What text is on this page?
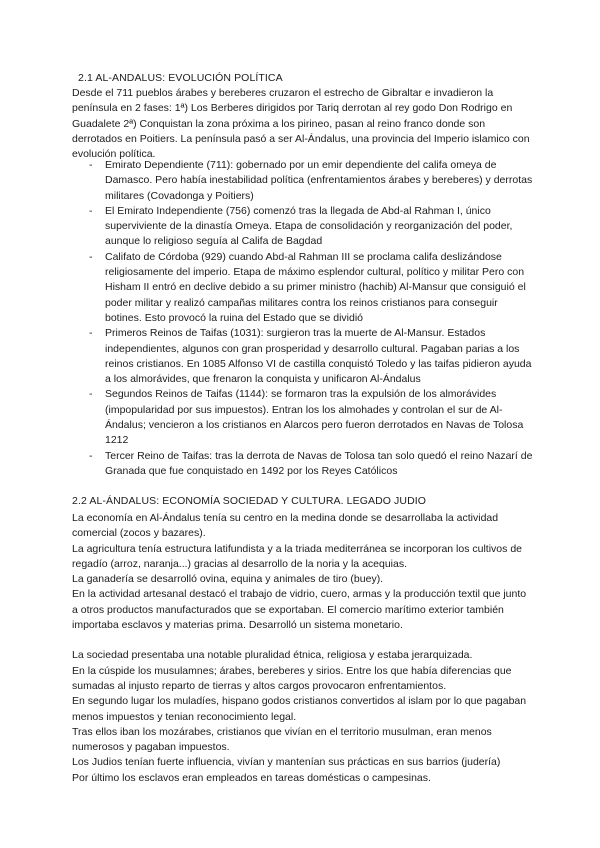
2.1 AL-ANDALUS: EVOLUCIÓN POLÍTICA

Desde el 711 pueblos árabes y bereberes cruzaron el estrecho de Gibraltar e invadieron la península en 2 fases: 1ª) Los Berberes dirigidos por Tariq derrotan al rey godo Don Rodrigo en Guadalete 2ª) Conquistan la zona próxima a los pirineo, pasan al reino franco donde son derrotados en Poitiers. La península pasó a ser Al-Ándalus, una provincia del Imperio islamico con evolución política.

- Emirato Dependiente (711): gobernado por un emir dependiente del califa omeya de Damasco. Pero había inestabilidad política (enfrentamientos árabes y bereberes) y derrotas militares (Covadonga y Poitiers)
- El Emirato Independiente (756) comenzó tras la llegada de Abd-al Rahman I, único superviviente de la dinastía Omeya. Etapa de consolidación y reorganización del poder, aunque lo religioso seguía al Califa de Bagdad
- Califato de Córdoba (929) cuando Abd-al Rahman III se proclama califa deslizándose religiosamente del imperio. Etapa de máximo esplendor cultural, político y militar Pero con Hisham II entró en declive debido a su primer ministro (hachib) Al-Mansur que consiguió el poder militar y realizó campañas militares contra los reinos cristianos para conseguir botines. Esto provocó la ruina del Estado que se dividió
- Primeros Reinos de Taifas (1031): surgieron tras la muerte de Al-Mansur. Estados independientes, algunos con gran prosperidad y desarrollo cultural. Pagaban parias a los reinos cristianos. En 1085 Alfonso VI de castilla conquistó Toledo y las taifas pidieron ayuda a los almorávides, que frenaron la conquista y unificaron Al-Ándalus
- Segundos Reinos de Taifas (1144): se formaron tras la expulsión de los almorávides (impopularidad por sus impuestos). Entran los los almohades y controlan el sur de Al-Ándalus; vencieron a los cristianos en Alarcos pero fueron derrotados en Navas de Tolosa 1212
- Tercer Reino de Taifas: tras la derrota de Navas de Tolosa tan solo quedó el reino Nazarí de Granada que fue conquistado en 1492 por los Reyes Católicos
2.2 AL-ÁNDALUS: ECONOMÍA SOCIEDAD Y CULTURA. LEGADO JUDIO

La economía en Al-Ándalus tenía su centro en la medina donde se desarrollaba la actividad comercial (zocos y bazares).

La agricultura tenía estructura latifundista y a la triada mediterránea se incorporan los cultivos de regadío (arroz, naranja...) gracias al desarrollo de la noria y la acequias.

La ganadería se desarrolló ovina, equina y animales de tiro (buey).

En la actividad artesanal destacó el trabajo de vidrio, cuero, armas y la producción textil que junto a otros productos manufacturados que se exportaban. El comercio marítimo exterior también importaba esclavos y materias prima. Desarrolló un sistema monetario.

La sociedad presentaba una notable pluralidad étnica, religiosa y estaba jerarquizada.

En la cúspide los musulamnes; árabes, bereberes y sirios. Entre los que había diferencias que sumadas al injusto reparto de tierras y altos cargos provocaron enfrentamientos.

En segundo lugar los muladíes, hispano godos cristianos convertidos al islam por lo que pagaban menos impuestos y tenian reconocimiento legal.

Tras ellos iban los mozárabes, cristianos que vivían en el territorio musulman, eran menos numerosos y pagaban impuestos.

Los Judios tenían fuerte influencia, vivían y mantenían sus prácticas en sus barrios (judería)

Por último los esclavos eran empleados en tareas domésticas o campesinas.
